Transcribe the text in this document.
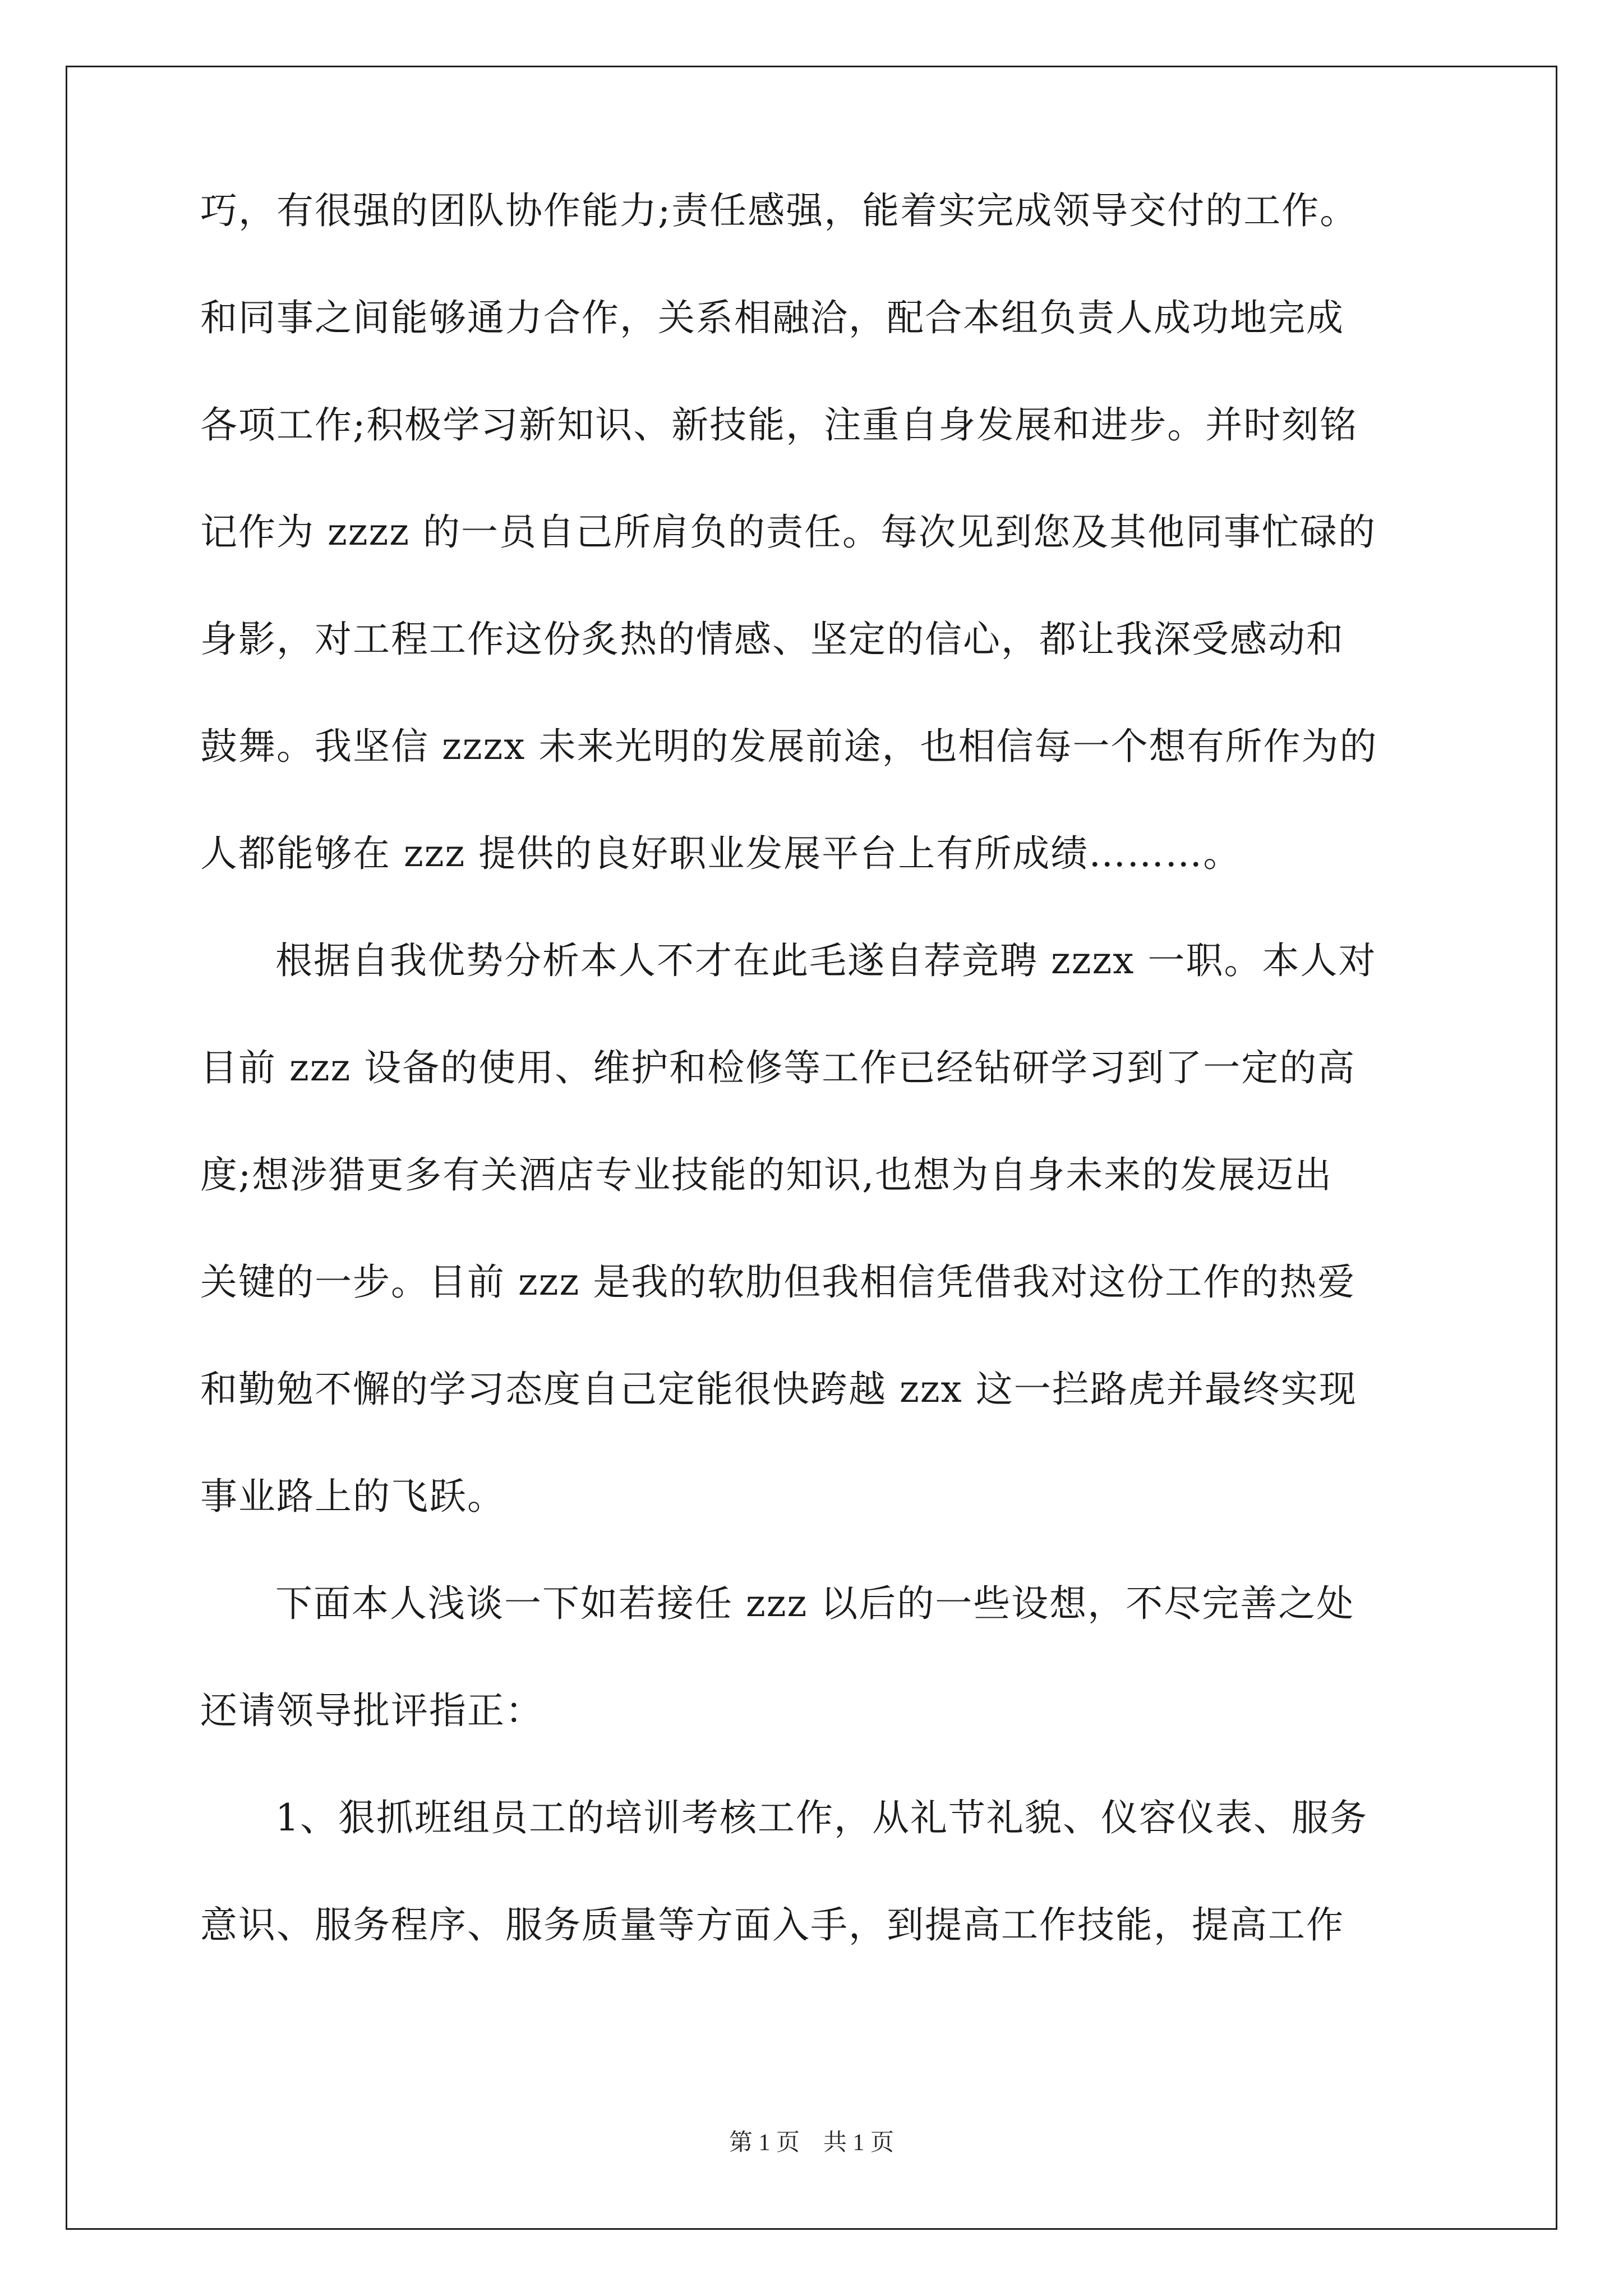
巧，有很强的团队协作能力;责任感强，能着实完成领导交付的工作。
和同事之间能够通力合作，关系相融洽，配合本组负责人成功地完成
各项工作;积极学习新知识、新技能，注重自身发展和进步。并时刻铭
记作为 zzzz 的一员自己所肩负的责任。每次见到您及其他同事忙碌的
身影，对工程工作这份炙热的情感、坚定的信心，都让我深受感动和
鼓舞。我坚信 zzzx 未来光明的发展前途，也相信每一个想有所作为的
人都能够在 zzz 提供的良好职业发展平台上有所成绩………。
根据自我优势分析本人不才在此毛遂自荐竞聘 zzzx 一职。本人对
目前 zzz 设备的使用、维护和检修等工作已经钻研学习到了一定的高
度;想涉猎更多有关酒店专业技能的知识,也想为自身未来的发展迈出
关键的一步。目前 zzz 是我的软肋但我相信凭借我对这份工作的热爱
和勤勉不懈的学习态度自己定能很快跨越 zzx 这一拦路虎并最终实现
事业路上的飞跃。
下面本人浅谈一下如若接任 zzz 以后的一些设想，不尽完善之处
还请领导批评指正：
1、狠抓班组员工的培训考核工作，从礼节礼貌、仪容仪表、服务
意识、服务程序、服务质量等方面入手，到提高工作技能，提高工作
第 1 页    共 1 页
